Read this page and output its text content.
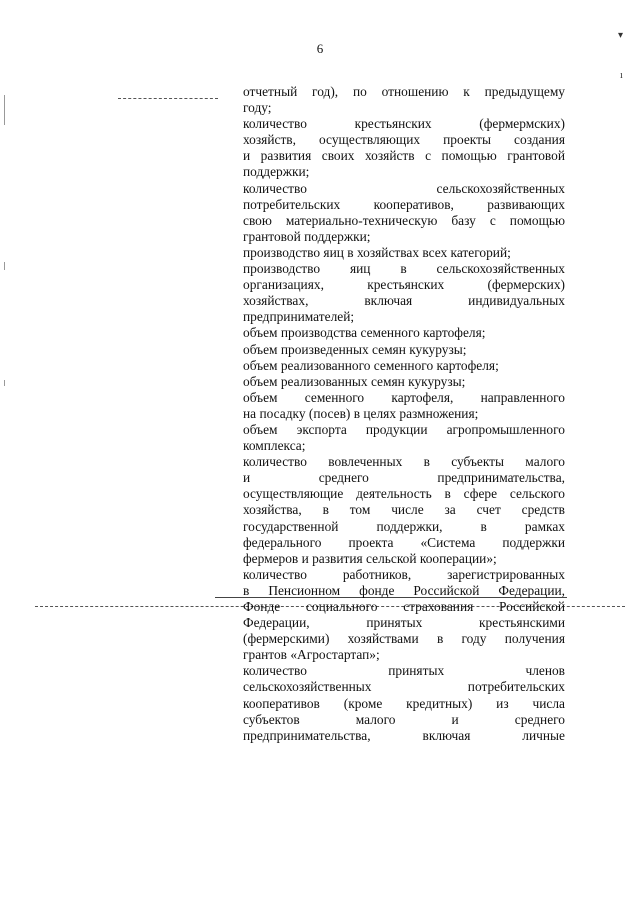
6
▾
ı
отчетный год), по отношению к предыдущему
году;
количество крестьянских (фермермских)
хозяйств, осуществляющих проекты создания
и развития своих хозяйств с помощью грантовой
поддержки;
количество сельскохозяйственных
потребительских кооперативов, развивающих
свою материально-техническую базу с помощью
грантовой поддержки;
производство яиц в хозяйствах всех категорий;
производство яиц в сельскохозяйственных
организациях, крестьянских (фермерских)
хозяйствах, включая индивидуальных
предпринимателей;
объем производства семенного картофеля;
объем произведенных семян кукурузы;
объем реализованного семенного картофеля;
объем реализованных семян кукурузы;
объем семенного картофеля, направленного
на посадку (посев) в целях размножения;
объем экспорта продукции агропромышленного
комплекса;
количество вовлеченных в субъекты малого
и среднего предпринимательства,
осуществляющие деятельность в сфере сельского
хозяйства, в том числе за счет средств
государственной поддержки, в рамках
федерального проекта «Система поддержки
фермеров и развития сельской кооперации»;
количество работников, зарегистрированных
в Пенсионном фонде Российской Федерации,
Фонде социального страхования Российской
Федерации, принятых крестьянскими
(фермерскими) хозяйствами в году получения
грантов «Агростартап»;
количество принятых членов
сельскохозяйственных потребительских
кооперативов (кроме кредитных) из числа
субъектов малого и среднего
предпринимательства, включая личные
